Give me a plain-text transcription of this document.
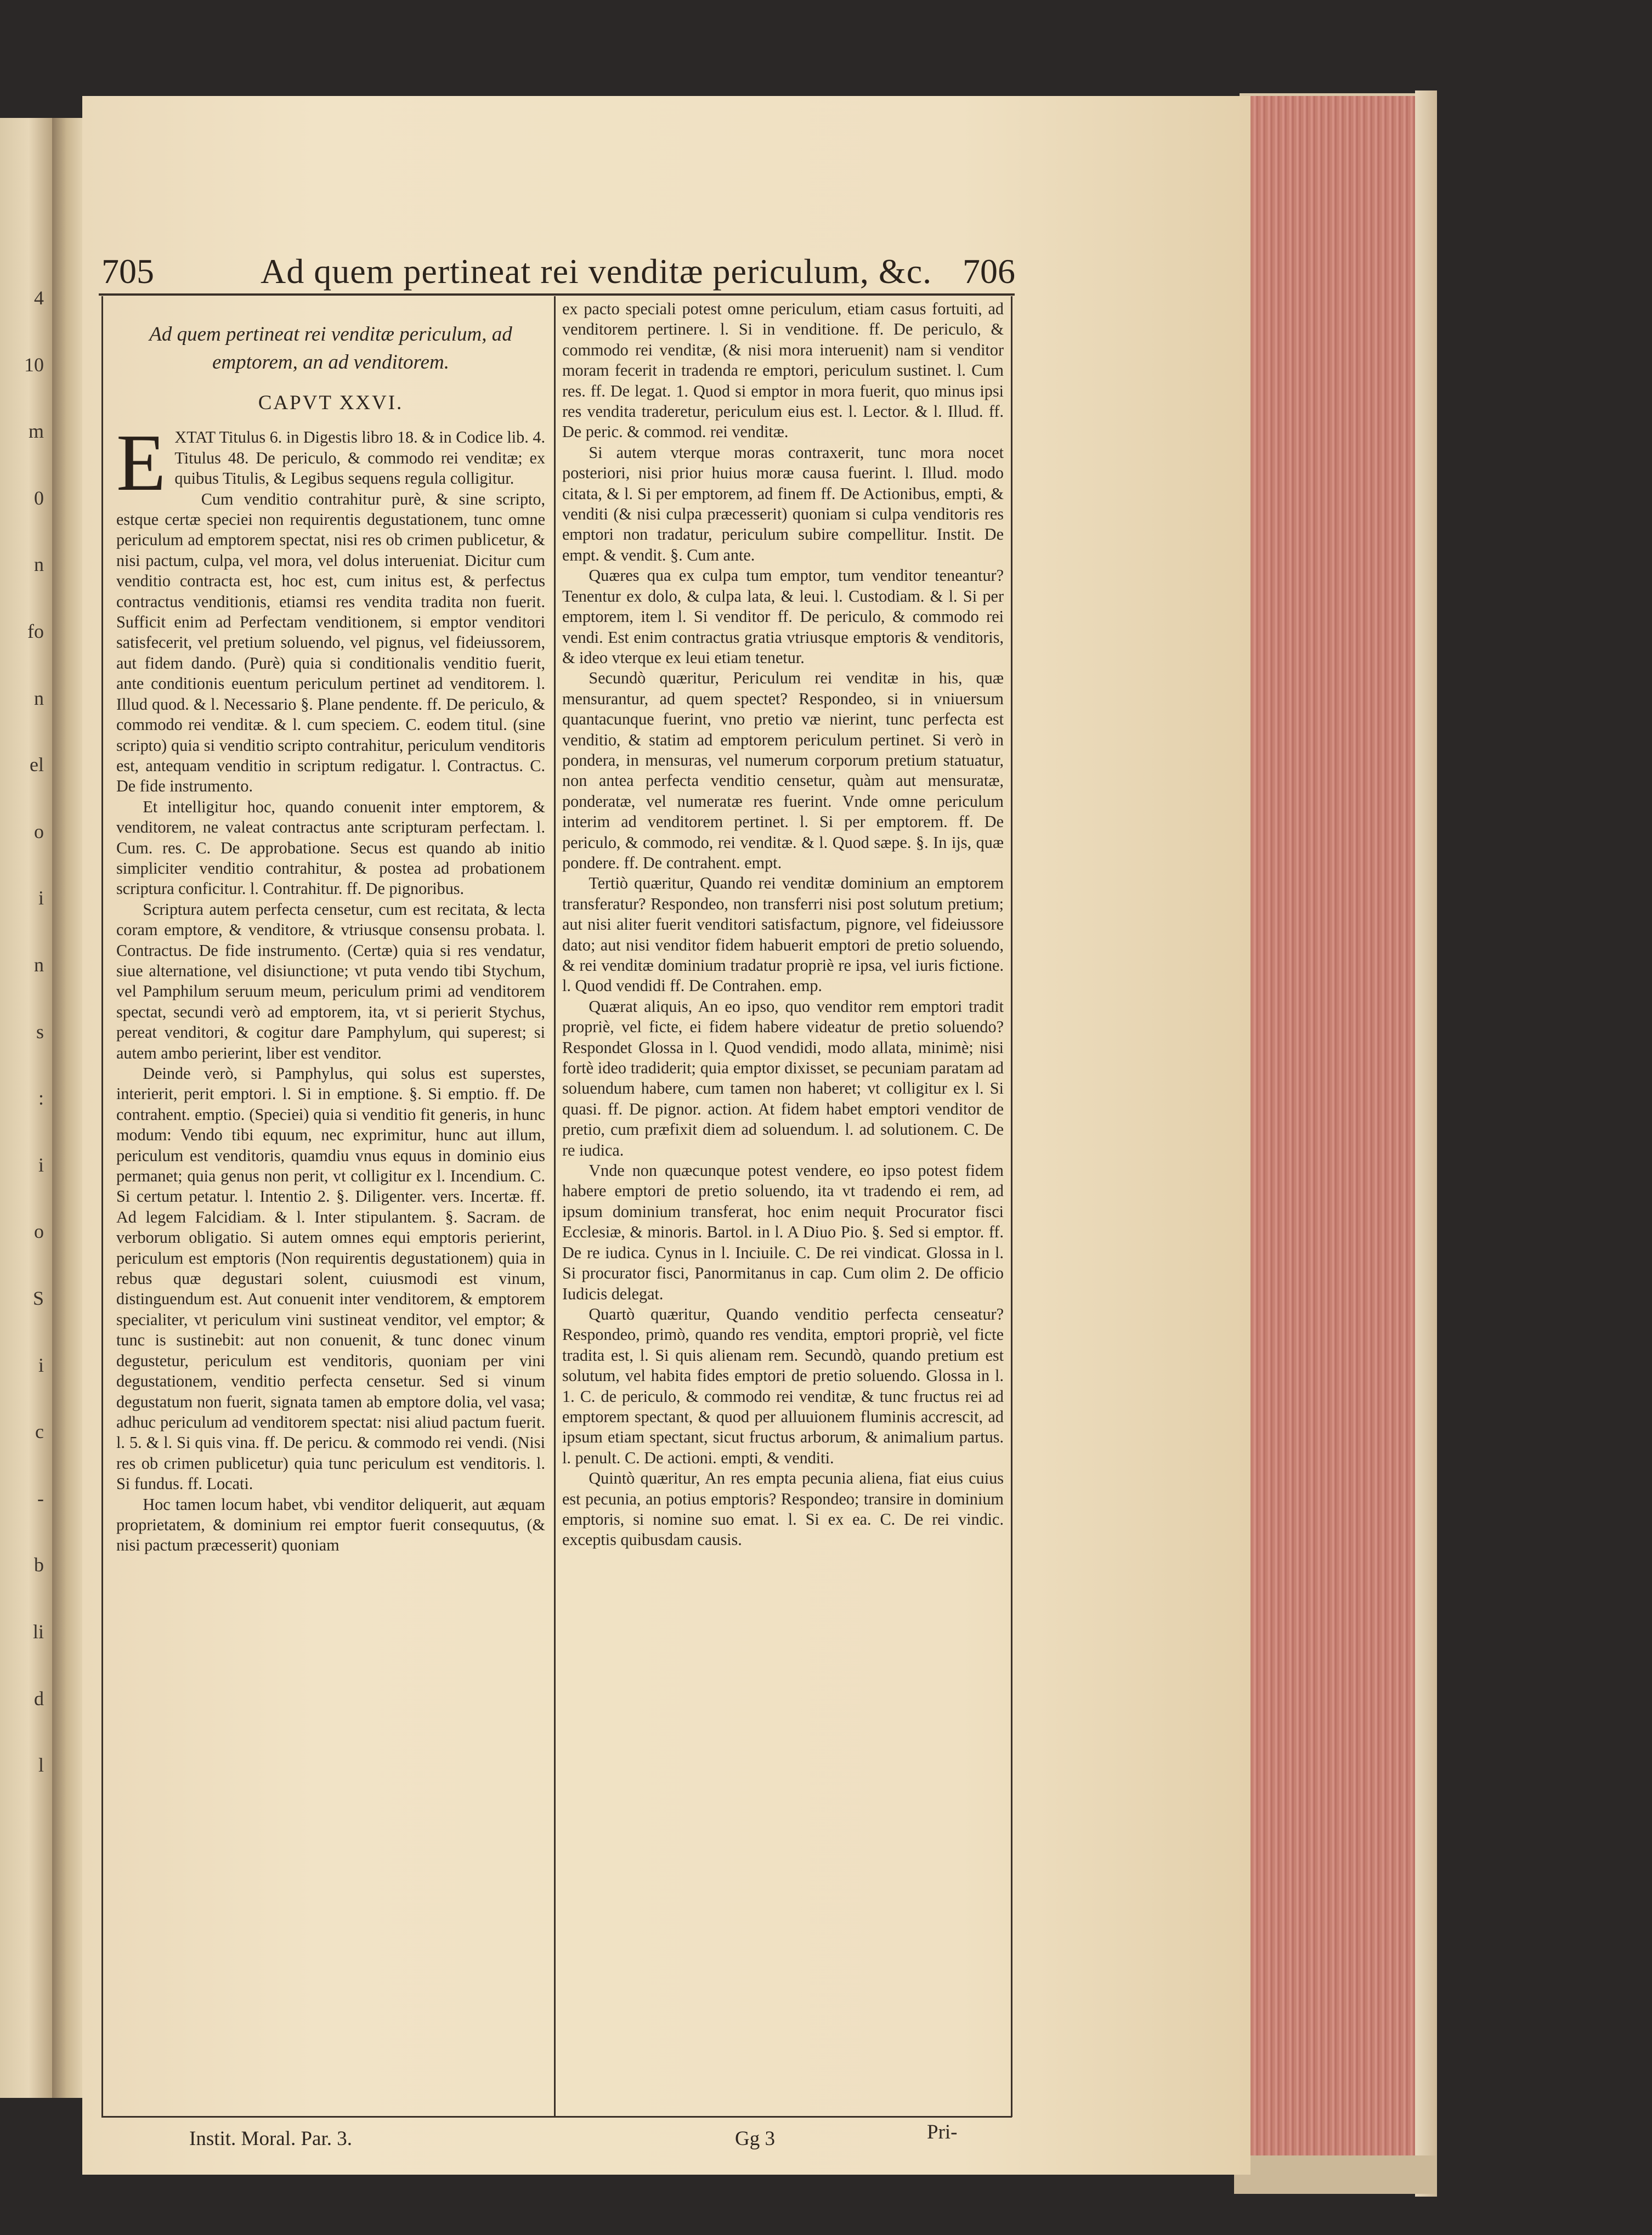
4
10
m
0
n
fo
n
el
o
i
n
s
:
i
o
S
i
c
-
b
li
d
l
705	Ad quem pertineat rei venditæ periculum, &c. 706
Ad quem pertineat rei venditæ periculum, ad emptorem, an ad venditorem.
CAPVT XXVI.

EXTAT Titulus 6. in Digestis libro 18. & in Codice lib. 4. Titulus 48. De periculo, & commodo rei venditæ; ex quibus Titulis, & Legibus sequens regula colligitur.

Cum venditio contrahitur purè, & sine scripto, estque certæ speciei non requirentis degustationem, tunc omne periculum ad emptorem spectat, nisi res ob crimen publicetur, & nisi pactum, culpa, vel mora, vel dolus interueniat. Dicitur cum venditio contracta est, hoc est, cum initus est, & perfectus contractus venditionis, etiamsi res vendita tradita non fuerit. Sufficit enim ad Perfectam venditionem, si emptor venditori satisfecerit, vel pretium soluendo, vel pignus, vel fideiussorem, aut fidem dando. (Purè) quia si conditionalis venditio fuerit, ante conditionis euentum periculum pertinet ad venditorem. l. Illud quod. & l. Necessario §. Plane pendente. ff. De periculo, & commodo rei venditæ. & l. cum speciem. C. eodem titul. (sine scripto) quia si venditio scripto contrahitur, periculum venditoris est, antequam venditio in scriptum redigatur. l. Contractus. C. De fide instrumento.

Et intelligitur hoc, quando conuenit inter emptorem, & venditorem, ne valeat contractus ante scripturam perfectam. l. Cum. res. C. De approbatione. Secus est quando ab initio simpliciter venditio contrahitur, & postea ad probationem scriptura conficitur. l. Contrahitur. ff. De pignoribus.

Scriptura autem perfecta censetur, cum est recitata, & lecta coram emptore, & venditore, & vtriusque consensu probata. l. Contractus. De fide instrumento. (Certæ) quia si res vendatur, siue alternatione, vel disiunctione; vt puta vendo tibi Stychum, vel Pamphilum seruum meum, periculum primi ad venditorem spectat, secundi verò ad emptorem, ita, vt si perierit Stychus, pereat venditori, & cogitur dare Pamphylum, qui superest; si autem ambo perierint, liber est venditor.

Deinde verò, si Pamphylus, qui solus est superstes, interierit, perit emptori. l. Si in emptione. §. Si emptio. ff. De contrahent. emptio. (Speciei) quia si venditio fit generis, in hunc modum: Vendo tibi equum, nec exprimitur, hunc aut illum, periculum est venditoris, quamdiu vnus equus in dominio eius permanet; quia genus non perit, vt colligitur ex l. Incendium. C. Si certum petatur. l. Intentio 2. §. Diligenter. vers. Incertæ. ff. Ad legem Falcidiam. & l. Inter stipulantem. §. Sacram. de verborum obligatio. Si autem omnes equi emptoris perierint, periculum est emptoris (Non requirentis degustationem) quia in rebus quæ degustari solent, cuiusmodi est vinum, distinguendum est. Aut conuenit inter venditorem, & emptorem specialiter, vt periculum vini sustineat venditor, vel emptor; & tunc is sustinebit: aut non conuenit, & tunc donec vinum degustetur, periculum est venditoris, quoniam per vini degustationem, venditio perfecta censetur. Sed si vinum degustatum non fuerit, signata tamen ab emptore dolia, vel vasa; adhuc periculum ad venditorem spectat: nisi aliud pactum fuerit. l. 5. & l. Si quis vina. ff. De pericu. & commodo rei vendi. (Nisi res ob crimen publicetur) quia tunc periculum est venditoris. l. Si fundus. ff. Locati.

Hoc tamen locum habet, vbi venditor deliquerit, aut æquam proprietatem, & dominium rei emptor fuerit consequutus, (& nisi pactum præcesserit) quoniam

ex pacto speciali potest omne periculum, etiam casus fortuiti, ad venditorem pertinere. l. Si in venditione. ff. De periculo, & commodo rei venditæ, (& nisi mora interuenit) nam si venditor moram fecerit in tradenda re emptori, periculum sustinet. l. Cum res. ff. De legat. 1. Quod si emptor in mora fuerit, quo minus ipsi res vendita traderetur, periculum eius est. l. Lector. & l. Illud. ff. De peric. & commod. rei venditæ.

Si autem vterque moras contraxerit, tunc mora nocet posteriori, nisi prior huius moræ causa fuerint. l. Illud. modo citata, & l. Si per emptorem, ad finem ff. De Actionibus, empti, & venditi (& nisi culpa præcesserit) quoniam si culpa venditoris res emptori non tradatur, periculum subire compellitur. Instit. De empt. & vendit. §. Cum ante.

Quæres qua ex culpa tum emptor, tum venditor teneantur? Tenentur ex dolo, & culpa lata, & leui. l. Custodiam. & l. Si per emptorem, item l. Si venditor ff. De periculo, & commodo rei vendi. Est enim contractus gratia vtriusque emptoris & venditoris, & ideo vterque ex leui etiam tenetur.

Secundò quæritur, Periculum rei venditæ in his, quæ mensurantur, ad quem spectet? Respondeo, si in vniuersum quantacunque fuerint, vno pretio væ nierint, tunc perfecta est venditio, & statim ad emptorem periculum pertinet. Si verò in pondera, in mensuras, vel numerum corporum pretium statuatur, non antea perfecta venditio censetur, quàm aut mensuratæ, ponderatæ, vel numeratæ res fuerint. Vnde omne periculum interim ad venditorem pertinet. l. Si per emptorem. ff. De periculo, & commodo, rei venditæ. & l. Quod sæpe. §. In ijs, quæ pondere. ff. De contrahent. empt.

Tertiò quæritur, Quando rei venditæ dominium an emptorem transferatur? Respondeo, non transferri nisi post solutum pretium; aut nisi aliter fuerit venditori satisfactum, pignore, vel fideiussore dato; aut nisi venditor fidem habuerit emptori de pretio soluendo, & rei venditæ dominium tradatur propriè re ipsa, vel iuris fictione. l. Quod vendidi ff. De Contrahen. emp.

Quærat aliquis, An eo ipso, quo venditor rem emptori tradit propriè, vel ficte, ei fidem habere videatur de pretio soluendo? Respondet Glossa in l. Quod vendidi, modo allata, minimè; nisi fortè ideo tradiderit; quia emptor dixisset, se pecuniam paratam ad soluendum habere, cum tamen non haberet; vt colligitur ex l. Si quasi. ff. De pignor. action. At fidem habet emptori venditor de pretio, cum præfixit diem ad soluendum. l. ad solutionem. C. De re iudica.

Vnde non quæcunque potest vendere, eo ipso potest fidem habere emptori de pretio soluendo, ita vt tradendo ei rem, ad ipsum dominium transferat, hoc enim nequit Procurator fisci Ecclesiæ, & minoris. Bartol. in l. A Diuo Pio. §. Sed si emptor. ff. De re iudica. Cynus in l. Inciuile. C. De rei vindicat. Glossa in l. Si procurator fisci, Panormitanus in cap. Cum olim 2. De officio Iudicis delegat.

Quartò quæritur, Quando venditio perfecta censeatur? Respondeo, primò, quando res vendita, emptori propriè, vel ficte tradita est, l. Si quis alienam rem. Secundò, quando pretium est solutum, vel habita fides emptori de pretio soluendo. Glossa in l. 1. C. de periculo, & commodo rei venditæ, & tunc fructus rei ad emptorem spectant, & quod per alluuionem fluminis accrescit, ad ipsum etiam spectant, sicut fructus arborum, & animalium partus. l. penult. C. De actioni. empti, & venditi.

Quintò quæritur, An res empta pecunia aliena, fiat eius cuius est pecunia, an potius emptoris? Respondeo; transire in dominium emptoris, si nomine suo emat. l. Si ex ea. C. De rei vindic. exceptis quibusdam causis.

Instit. Moral. Par. 3.	Gg 3	Pri-
